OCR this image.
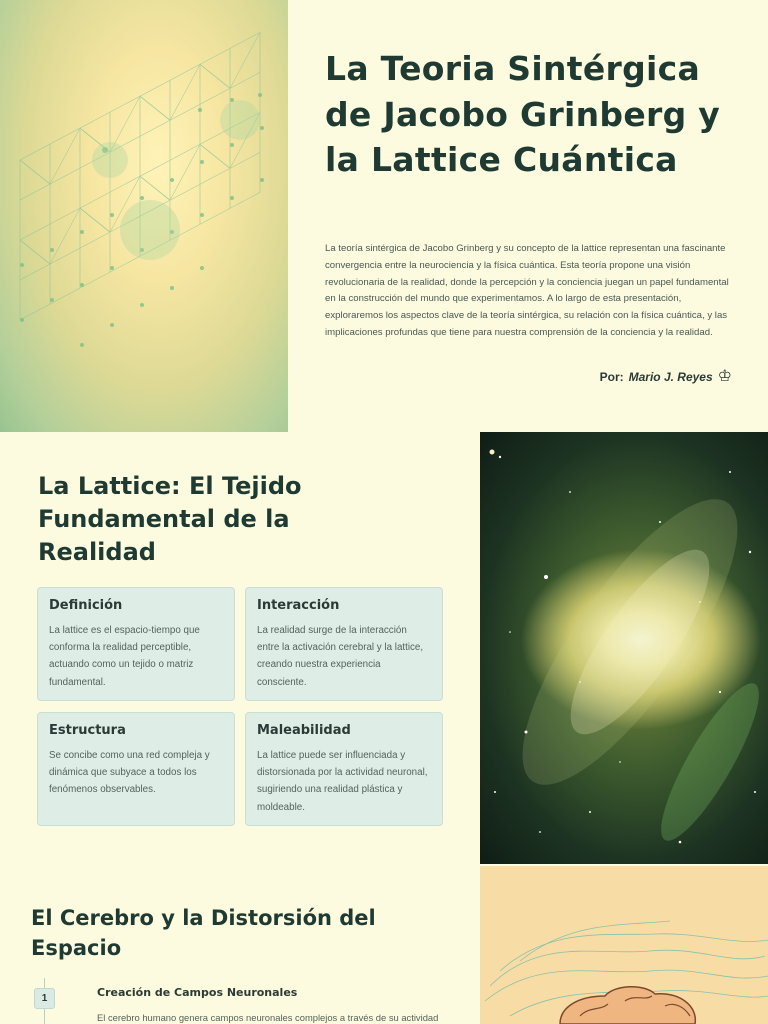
La Teoria Sintérgica de Jacobo Grinberg y la Lattice Cuántica

La teoría sintérgica de Jacobo Grinberg y su concepto de la lattice representan una fascinante convergencia entre la neurociencia y la física cuántica. Esta teoría propone una visión revolucionaria de la realidad, donde la percepción y la conciencia juegan un papel fundamental en la construcción del mundo que experimentamos. A lo largo de esta presentación, exploraremos los aspectos clave de la teoría sintérgica, su relación con la física cuántica, y las implicaciones profundas que tiene para nuestra comprensión de la conciencia y la realidad.

Por: Mario J. Reyes ♔
La Lattice: El Tejido Fundamental de la Realidad
Definición

La lattice es el espacio-tiempo que conforma la realidad perceptible, actuando como un tejido o matriz fundamental.

Interacción

La realidad surge de la interacción entre la activación cerebral y la lattice, creando nuestra experiencia consciente.

Estructura

Se concibe como una red compleja y dinámica que subyace a todos los fenómenos observables.

Maleabilidad

La lattice puede ser influenciada y distorsionada por la actividad neuronal, sugiriendo una realidad plástica y moldeable.

El Cerebro y la Distorsión del Espacio
1	Creación de Campos Neuronales
El cerebro humano genera campos neuronales complejos a través de su actividad
